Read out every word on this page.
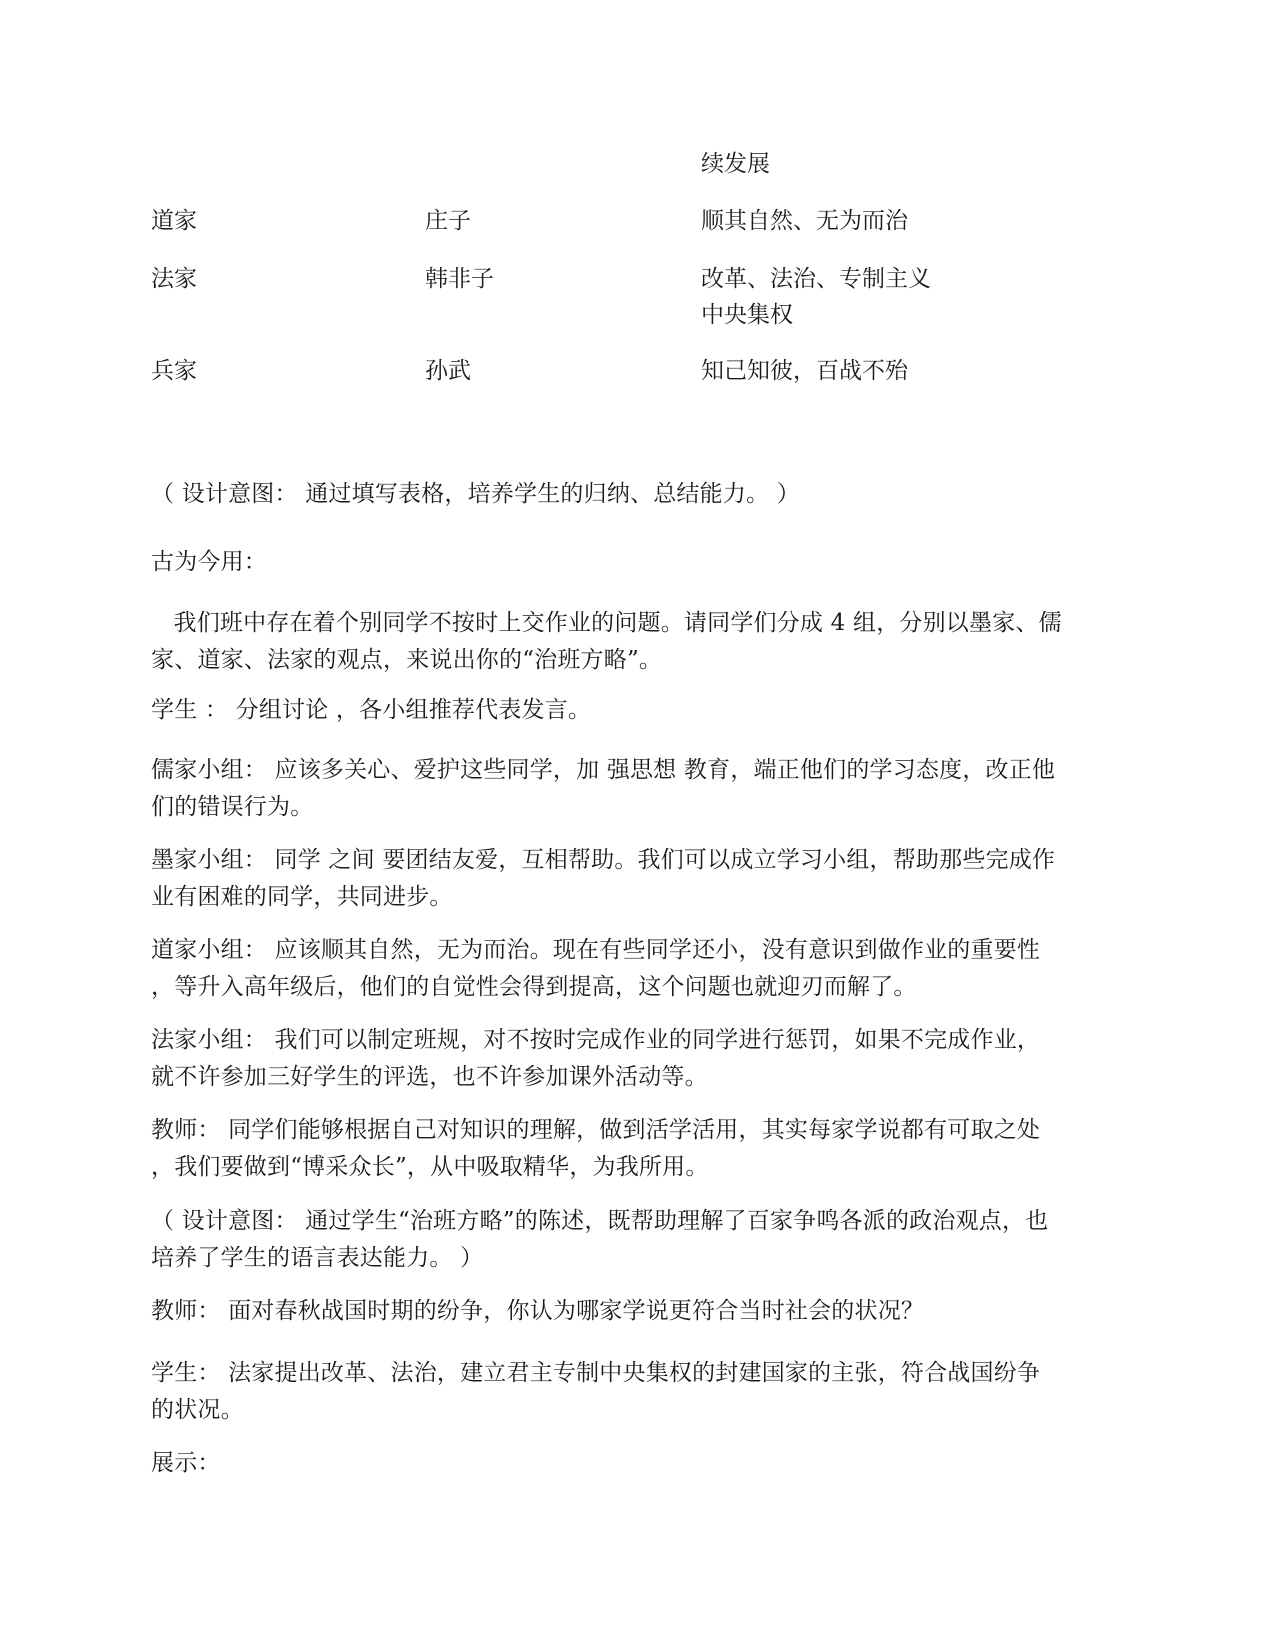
续发展
道家	庄子	顺其自然、无为而治
法家	韩非子	改革、法治、专制主义
中央集权
兵家	孙武	知己知彼，百战不殆
（ 设计意图： 通过填写表格，培养学生的归纳、总结能力。 ）
古为今用：
我们班中存在着个别同学不按时上交作业的问题。请同学们分成 4 组，分别以墨家、儒
家、道家、法家的观点，来说出你的“治班方略”。
学生 ： 分组讨论 ，各小组推荐代表发言。
儒家小组： 应该多关心、爱护这些同学，加 强思想 教育，端正他们的学习态度，改正他
们的错误行为。
墨家小组： 同学 之间 要团结友爱，互相帮助。我们可以成立学习小组，帮助那些完成作
业有困难的同学，共同进步。
道家小组： 应该顺其自然，无为而治。现在有些同学还小，没有意识到做作业的重要性
，等升入高年级后，他们的自觉性会得到提高，这个问题也就迎刃而解了。
法家小组： 我们可以制定班规，对不按时完成作业的同学进行惩罚，如果不完成作业，
就不许参加三好学生的评选，也不许参加课外活动等。
教师： 同学们能够根据自己对知识的理解，做到活学活用，其实每家学说都有可取之处
，我们要做到“博采众长”，从中吸取精华，为我所用。
（ 设计意图： 通过学生“治班方略”的陈述，既帮助理解了百家争鸣各派的政治观点，也
培养了学生的语言表达能力。 ）
教师： 面对春秋战国时期的纷争，你认为哪家学说更符合当时社会的状况？
学生： 法家提出改革、法治，建立君主专制中央集权的封建国家的主张，符合战国纷争
的状况。
展示：
